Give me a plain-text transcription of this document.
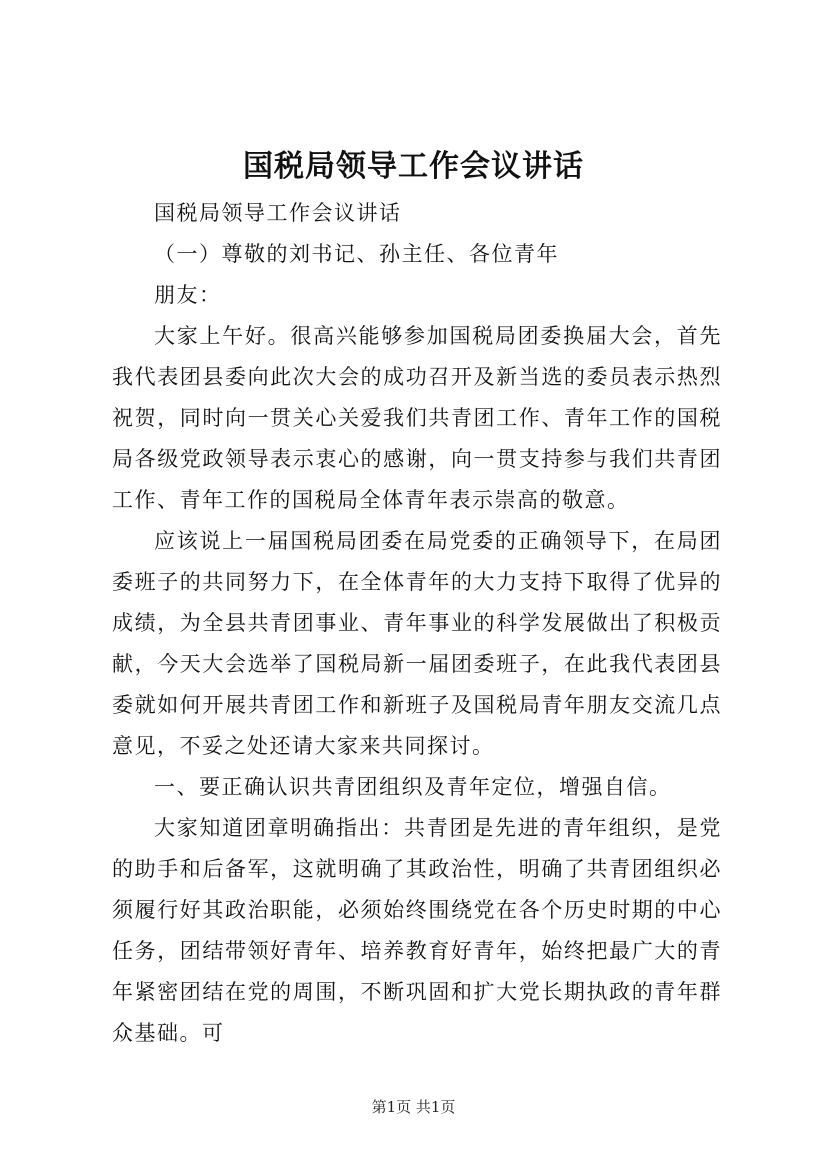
国税局领导工作会议讲话

国税局领导工作会议讲话

（一）尊敬的刘书记、孙主任、各位青年

朋友：

大家上午好。很高兴能够参加国税局团委换届大会，首先我代表团县委向此次大会的成功召开及新当选的委员表示热烈祝贺，同时向一贯关心关爱我们共青团工作、青年工作的国税局各级党政领导表示衷心的感谢，向一贯支持参与我们共青团工作、青年工作的国税局全体青年表示崇高的敬意。

应该说上一届国税局团委在局党委的正确领导下，在局团委班子的共同努力下，在全体青年的大力支持下取得了优异的成绩，为全县共青团事业、青年事业的科学发展做出了积极贡献，今天大会选举了国税局新一届团委班子，在此我代表团县委就如何开展共青团工作和新班子及国税局青年朋友交流几点意见，不妥之处还请大家来共同探讨。

一、要正确认识共青团组织及青年定位，增强自信。

大家知道团章明确指出：共青团是先进的青年组织，是党的助手和后备军，这就明确了其政治性，明确了共青团组织必须履行好其政治职能，必须始终围绕党在各个历史时期的中心任务，团结带领好青年、培养教育好青年，始终把最广大的青年紧密团结在党的周围，不断巩固和扩大党长期执政的青年群众基础。可

第1页 共1页
